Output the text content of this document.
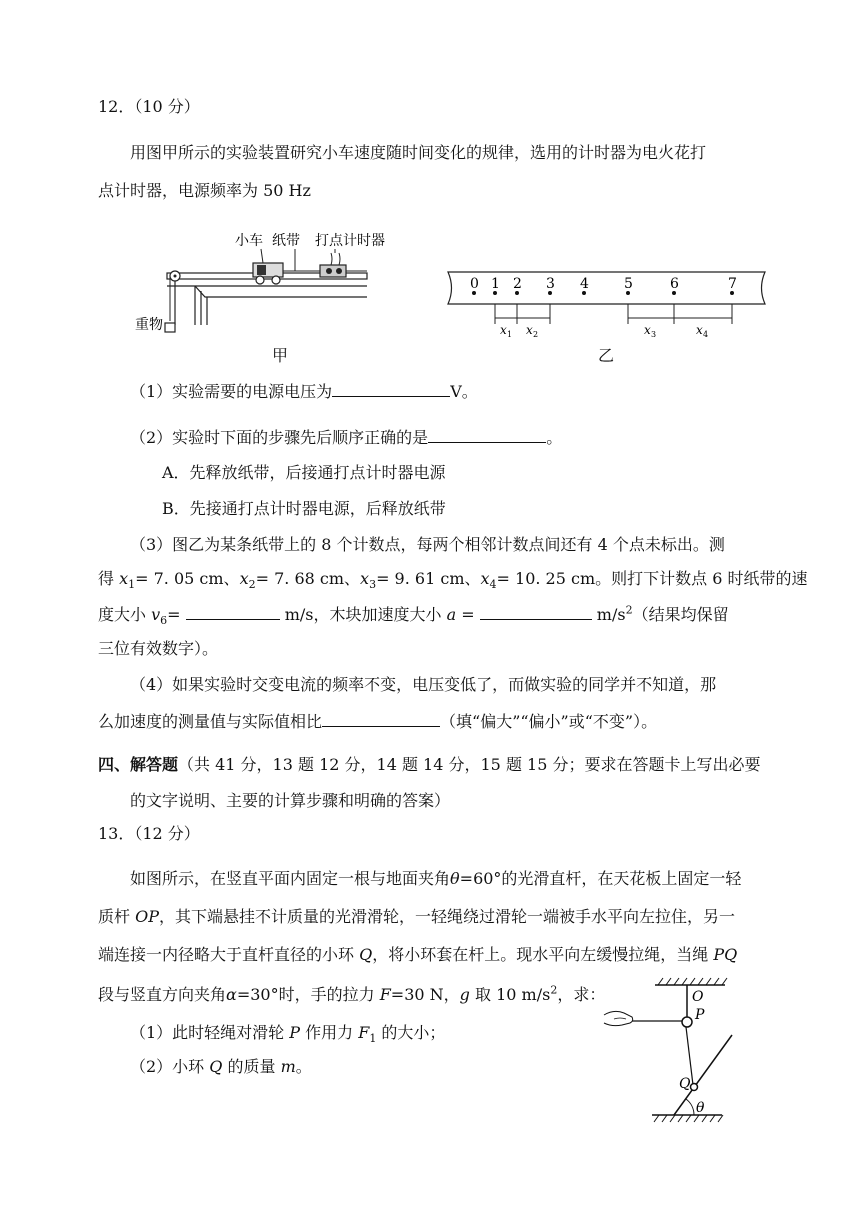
12．（10 分）
用图甲所示的实验装置研究小车速度随时间变化的规律，选用的计时器为电火花打
点计时器，电源频率为 50 Hz
小车 纸带 打点计时器
重物
甲
0 1 2 3 4	5	6	7
x 1 x 2	x 3	x 4
乙
（1）实验需要的电源电压为	V。
（2）实验时下面的步骤先后顺序正确的是	。
A．先释放纸带，后接通打点计时器电源
B．先接通打点计时器电源，后释放纸带
（3）图乙为某条纸带上的 8 个计数点，每两个相邻计数点间还有 4 个点未标出。测
得 $x_1= 7$. 05 cm、$x_2= 7$. 68 cm、$x_3= 9$. 61 cm、$x_4= 10$. 25 cm。则打下计数点 6 时纸带的速
度大小 $v_6=$	m/s，木块加速度大小 a =	$m/s^2$（结果均保留
三位有效数字）。
（4）如果实验时交变电流的频率不变，电压变低了，而做实验的同学并不知道，那
么加速度的测量值与实际值相比	（填“偏大”“偏小”或“不变”）。
四、解答题（共 41 分，13 题 12 分，14 题 14 分，15 题 15 分；要求在答题卡上写出必要
的文字说明、主要的计算步骤和明确的答案）
13．（12 分）
如图所示，在竖直平面内固定一根与地面夹角θ=60°的光滑直杆，在天花板上固定一轻
质杆 OP，其下端悬挂不计质量的光滑滑轮，一轻绳绕过滑轮一端被手水平向左拉住，另一
端连接一内径略大于直杆直径的小环 Q，将小环套在杆上。现水平向左缓慢拉绳，当绳 PQ
段与竖直方向夹角α=30°时，手的拉力 F=30 N，g 取 10 $m/s^2$，求：
（1）此时轻绳对滑轮 P 作用力 $F_1$ 的大小；
（2）小环 Q 的质量 m。
O
P
Q
θ
